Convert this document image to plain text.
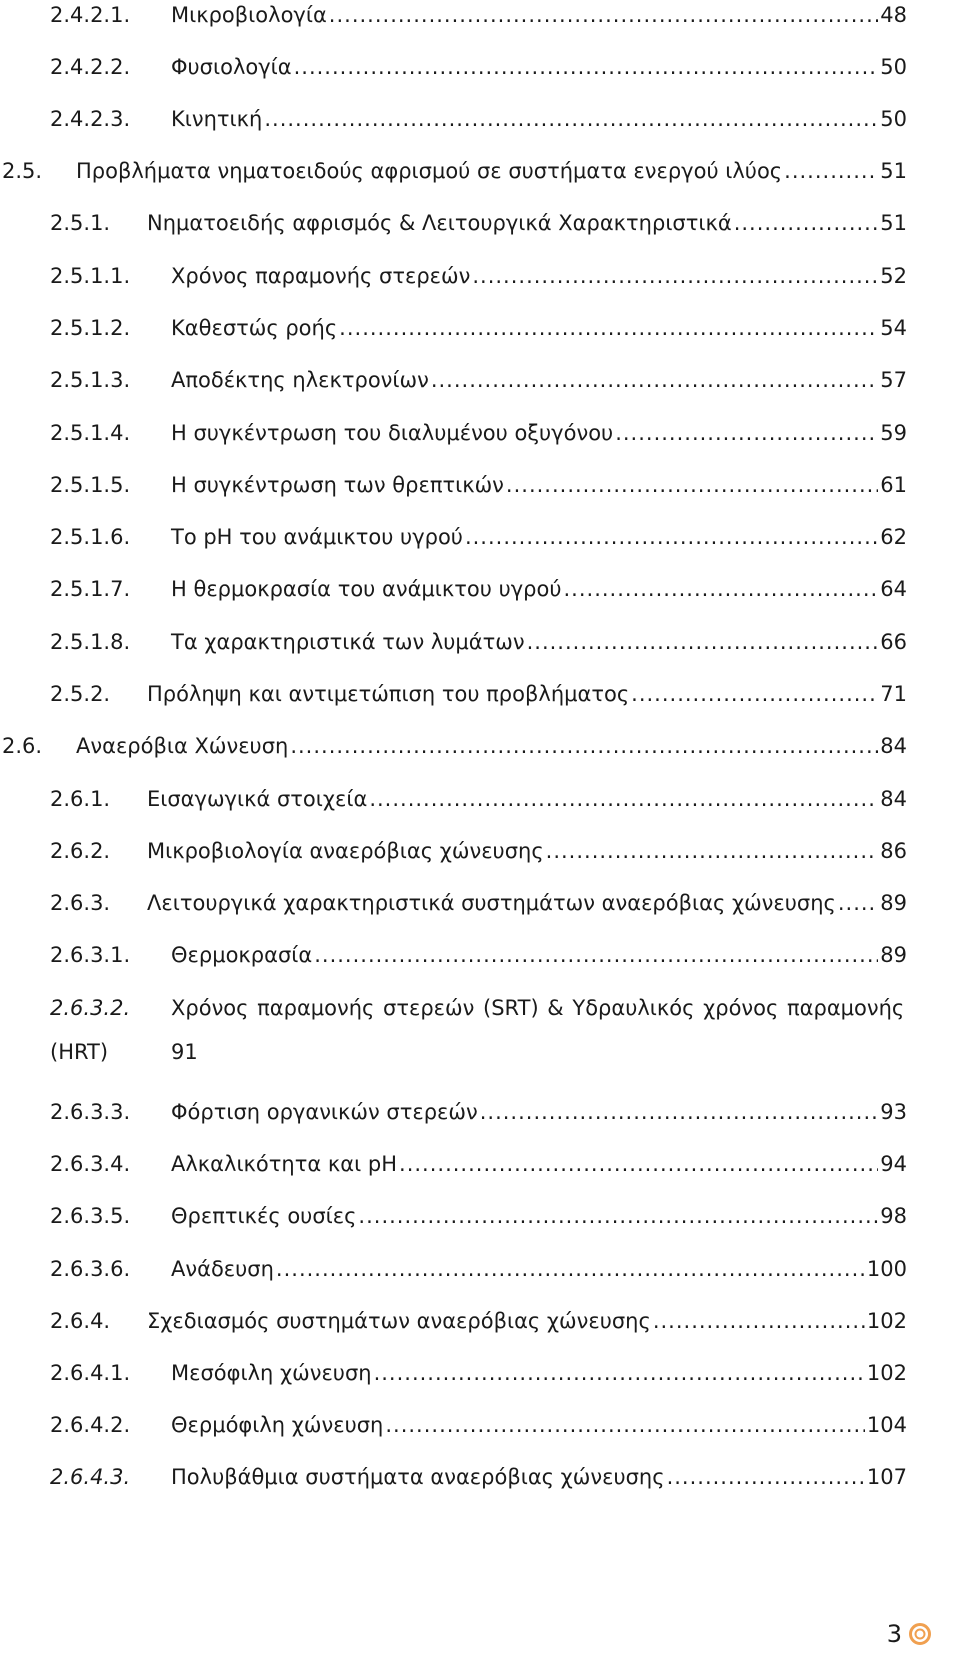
2.4.2.1. Μικροβιολογία .....	48
2.4.2.2. Φυσιολογία .....	50
2.4.2.3. Κινητική .....	50
2.5. Προβλήματα νηματοειδούς αφρισμού σε συστήματα ενεργού ιλύος .....	51
2.5.1. Νηματοειδής αφρισμός & Λειτουργικά Χαρακτηριστικά .....	51
2.5.1.1. Χρόνος παραμονής στερεών .....	52
2.5.1.2. Καθεστώς ροής .....	54
2.5.1.3. Αποδέκτης ηλεκτρονίων .....	57
2.5.1.4. Η συγκέντρωση του διαλυμένου οξυγόνου .....	59
2.5.1.5. Η συγκέντρωση των θρεπτικών .....	61
2.5.1.6. Το pH του ανάμικτου υγρού .....	62
2.5.1.7. Η θερμοκρασία του ανάμικτου υγρού .....	64
2.5.1.8. Τα χαρακτηριστικά των λυμάτων .....	66
2.5.2. Πρόληψη και αντιμετώπιση του προβλήματος .....	71
2.6. Αναερόβια Χώνευση .....	84
2.6.1. Εισαγωγικά στοιχεία .....	84
2.6.2. Μικροβιολογία αναερόβιας χώνευσης .....	86
2.6.3. Λειτουργικά χαρακτηριστικά συστημάτων αναερόβιας χώνευσης ..... 89
2.6.3.1. Θερμοκρασία .....	89
2.6.3.2. Χρόνος παραμονής στερεών (SRT) & Υδραυλικός χρόνος παραμονής
(HRT)	91
2.6.3.3. Φόρτιση οργανικών στερεών .....	93
2.6.3.4. Αλκαλικότητα και pH .....	94
2.6.3.5. Θρεπτικές ουσίες .....	98
2.6.3.6. Ανάδευση .....	100
2.6.4. Σχεδιασμός συστημάτων αναερόβιας χώνευσης .....	102
2.6.4.1. Μεσόφιλη χώνευση .....	102
2.6.4.2. Θερμόφιλη χώνευση .....	104
2.6.4.3. Πολυβάθμια συστήματα αναερόβιας χώνευσης .....	107
3
